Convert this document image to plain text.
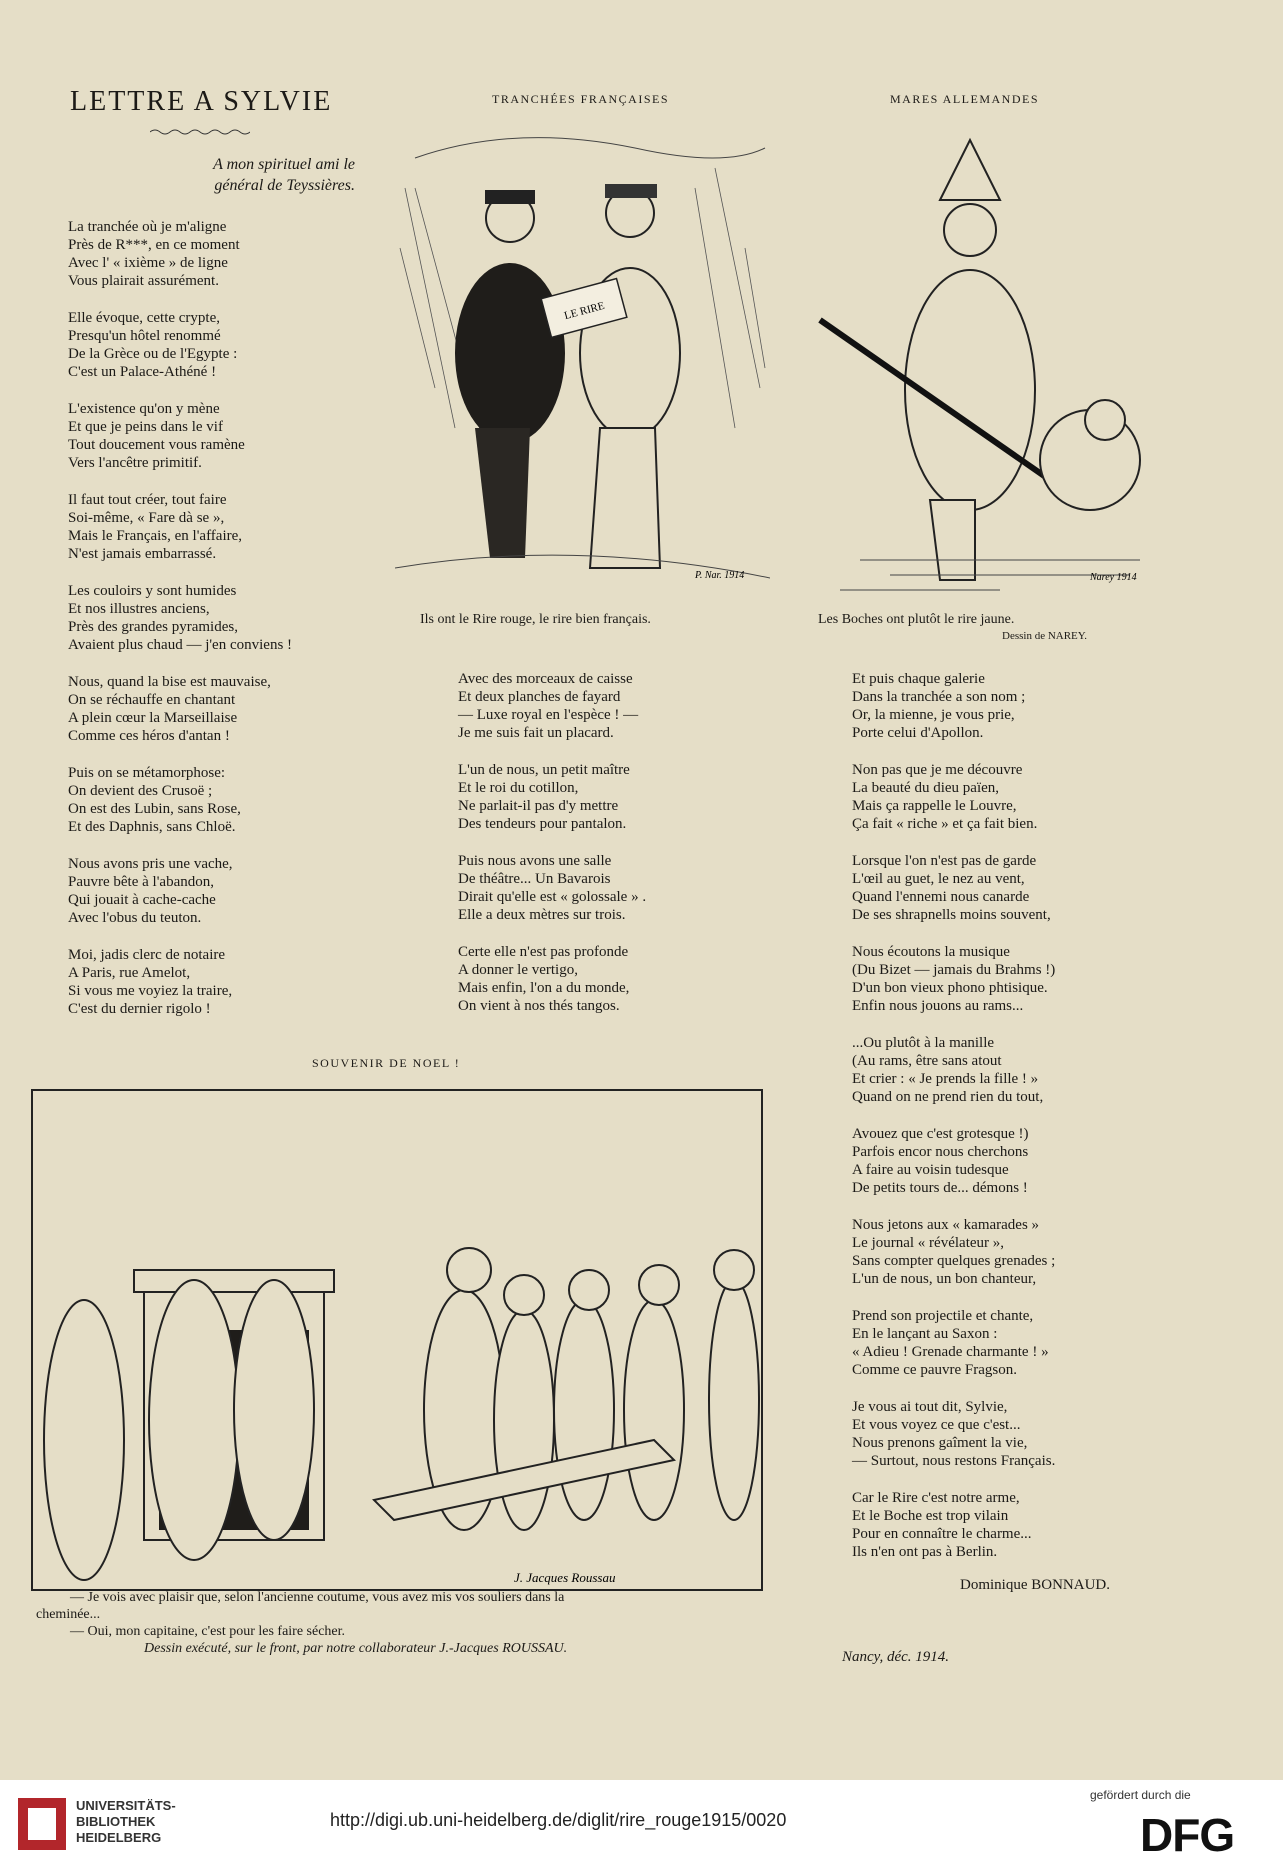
LETTRE A SYLVIE
A mon spirituel ami le
général de Teyssières.
TRANCHÉES FRANÇAISES	MARES ALLEMANDES
La tranchée où je m'aligne
Près de R***, en ce moment
Avec l' « ixième » de ligne
Vous plairait assurément.
Elle évoque, cette crypte,
Presqu'un hôtel renommé
De la Grèce ou de l'Egypte :
C'est un Palace-Athéné !
L'existence qu'on y mène
Et que je peins dans le vif
Tout doucement vous ramène
Vers l'ancêtre primitif.
Il faut tout créer, tout faire
Soi-même, « Fare dà se »,
Mais le Français, en l'affaire,
N'est jamais embarrassé.
Les couloirs y sont humides
Et nos illustres anciens,
Près des grandes pyramides,
Avaient plus chaud — j'en conviens !
Nous, quand la bise est mauvaise,
On se réchauffe en chantant
A plein cœur la Marseillaise
Comme ces héros d'antan !
Puis on se métamorphose:
On devient des Crusoë ;
On est des Lubin, sans Rose,
Et des Daphnis, sans Chloë.
Nous avons pris une vache,
Pauvre bête à l'abandon,
Qui jouait à cache-cache
Avec l'obus du teuton.
Moi, jadis clerc de notaire
A Paris, rue Amelot,
Si vous me voyiez la traire,
C'est du dernier rigolo !
LE RIRE
P. Nar. 1914
Ils ont le Rire rouge, le rire bien français.
Narey 1914
Les Boches ont plutôt le rire jaune.
Dessin de NAREY.
Avec des morceaux de caisse
Et deux planches de fayard
— Luxe royal en l'espèce ! —
Je me suis fait un placard.
L'un de nous, un petit maître
Et le roi du cotillon,
Ne parlait-il pas d'y mettre
Des tendeurs pour pantalon.
Puis nous avons une salle
De théâtre... Un Bavarois
Dirait qu'elle est « golossale » .
Elle a deux mètres sur trois.
Certe elle n'est pas profonde
A donner le vertigo,
Mais enfin, l'on a du monde,
On vient à nos thés tangos.
Et puis chaque galerie
Dans la tranchée a son nom ;
Or, la mienne, je vous prie,
Porte celui d'Apollon.
Non pas que je me découvre
La beauté du dieu païen,
Mais ça rappelle le Louvre,
Ça fait « riche » et ça fait bien.
Lorsque l'on n'est pas de garde
L'œil au guet, le nez au vent,
Quand l'ennemi nous canarde
De ses shrapnells moins souvent,
Nous écoutons la musique
(Du Bizet — jamais du Brahms !)
D'un bon vieux phono phtisique.
Enfin nous jouons au rams...
...Ou plutôt à la manille
(Au rams, être sans atout
Et crier : « Je prends la fille ! »
Quand on ne prend rien du tout,
Avouez que c'est grotesque !)
Parfois encor nous cherchons
A faire au voisin tudesque
De petits tours de... démons !
Nous jetons aux « kamarades »
Le journal « révélateur »,
Sans compter quelques grenades ;
L'un de nous, un bon chanteur,
Prend son projectile et chante,
En le lançant au Saxon :
« Adieu ! Grenade charmante ! »
Comme ce pauvre Fragson.
Je vous ai tout dit, Sylvie,
Et vous voyez ce que c'est...
Nous prenons gaîment la vie,
— Surtout, nous restons Français.
Car le Rire c'est notre arme,
Et le Boche est trop vilain
Pour en connaître le charme...
Ils n'en ont pas à Berlin.
Dominique BONNAUD.
Nancy, déc. 1914.
SOUVENIR DE NOEL !
J. Jacques Roussau
— Je vois avec plaisir que, selon l'ancienne coutume, vous avez mis vos souliers dans la
cheminée...
— Oui, mon capitaine, c'est pour les faire sécher.
Dessin exécuté, sur le front, par notre collaborateur J.-Jacques ROUSSAU.
UNIVERSITÄTS-
BIBLIOTHEK
HEIDELBERG
http://digi.ub.uni-heidelberg.de/diglit/rire_rouge1915/0020
gefördert durch die
DFG
